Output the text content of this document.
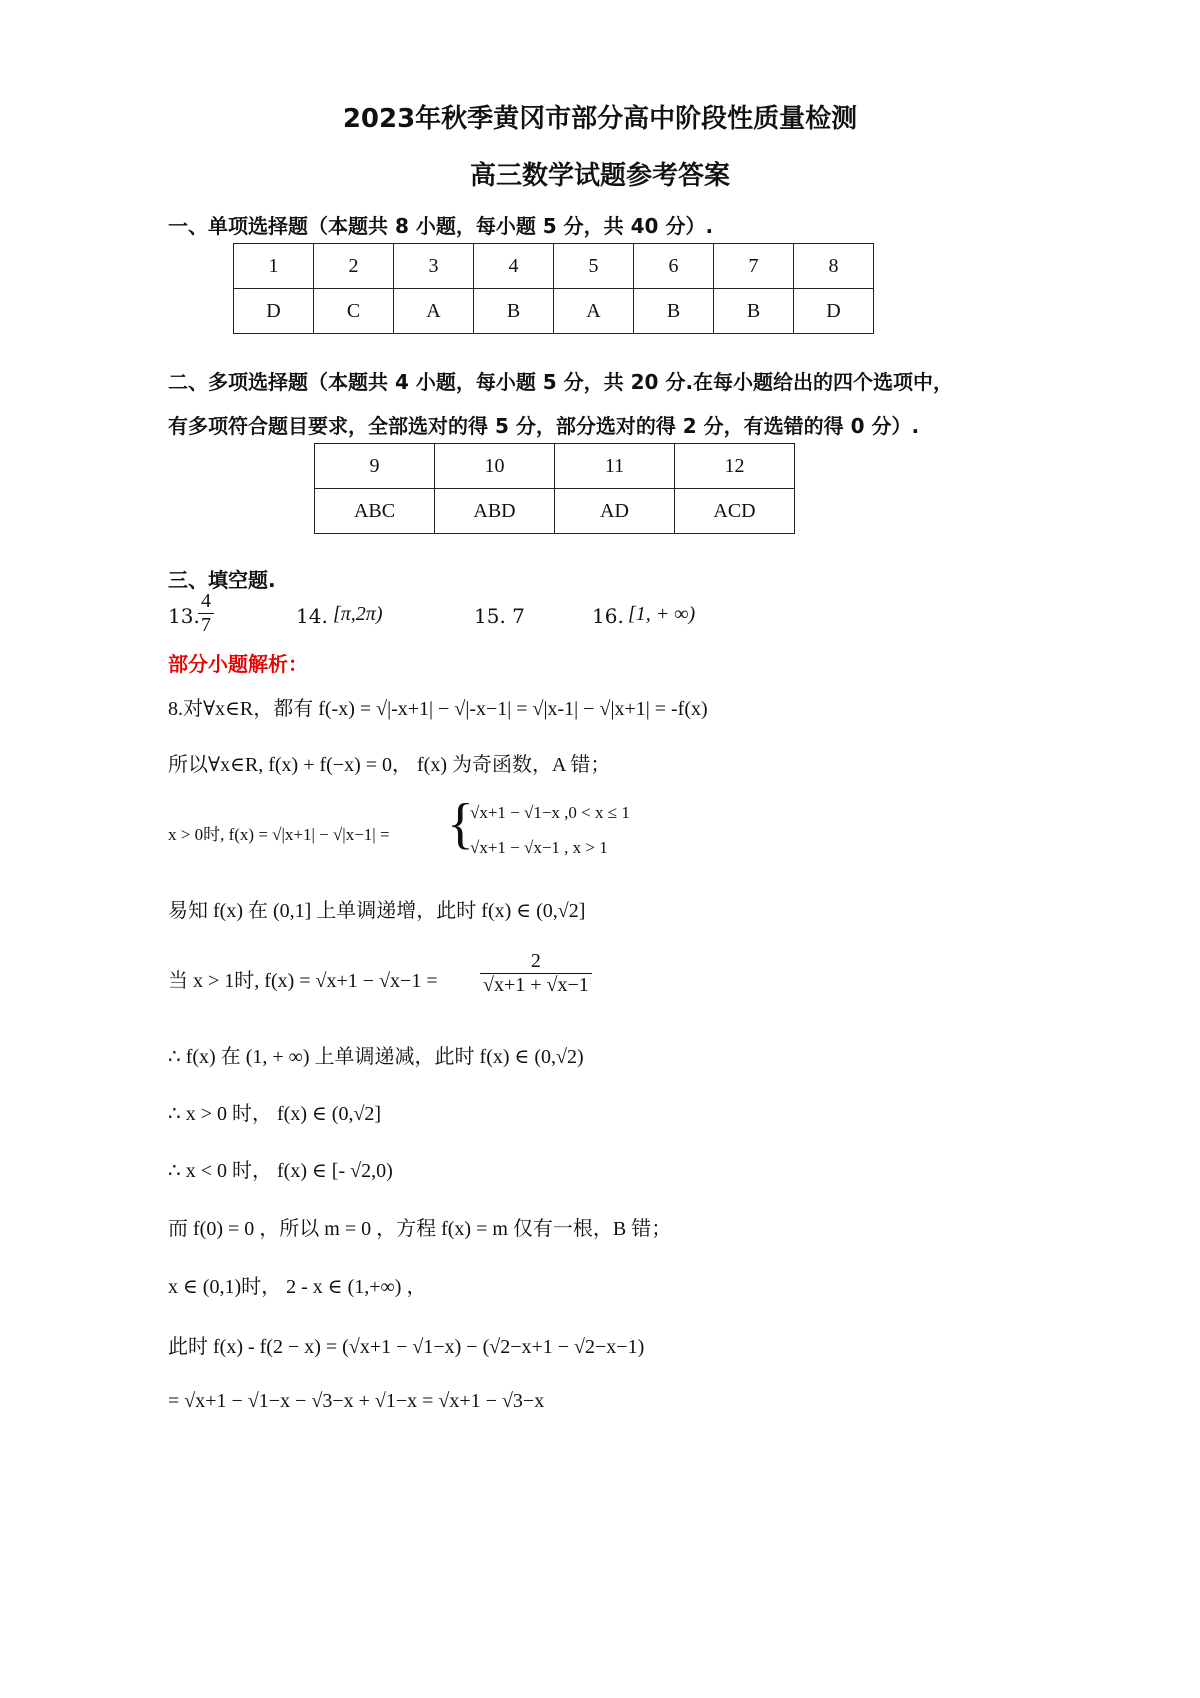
2023年秋季黄冈市部分高中阶段性质量检测
高三数学试题参考答案
一、单项选择题（本题共 8 小题，每小题 5 分，共 40 分）.
1	2	3	4	5	6	7	8
D	C	A	B	A	B	B	D
二、多项选择题（本题共 4 小题，每小题 5 分，共 20 分.在每小题给出的四个选项中，
有多项符合题目要求，全部选对的得 5 分，部分选对的得 2 分，有选错的得 0 分）.
9	10	11	12
ABC	ABD	AD	ACD
三、填空题.
13.
$\frac{4}{7}$	14. [π,2π)	15. 7	16. [1, + ∞)
部分小题解析：
8.对∀x∈R，都有 f(-x) = √|-x+1| − √|-x−1| = √|x-1| − √|x+1| = -f(x)
所以∀x∈R, f(x) + f(−x) = 0， f(x) 为奇函数，A 错；
x > 0时, f(x) = √|x+1| − √|x−1| = {
√x+1 − √1−x ,0 < x ≤ 1
√x+1 − √x−1 , x > 1
易知 f(x) 在 (0,1] 上单调递增，此时 f(x) ∈ (0,√2]
当 x > 1时, $f(x) = √x+1 - √x-1 = \frac{2}{√x+1 + √x-1}$
∴ f(x) 在 (1, + ∞) 上单调递减，此时 f(x) ∈ (0,√2)
∴ x > 0 时， f(x) ∈ (0,√2]
∴ x < 0 时， f(x) ∈ [- √2,0)
而 f(0) = 0 ，所以 m = 0 ，方程 f(x) = m 仅有一根，B 错；
x ∈ (0,1)时， 2 - x ∈ (1,+∞) ，
此时 f(x) - f(2 − x) = (√x+1 − √1−x) − (√2−x+1 − √2−x−1)
= √x+1 − √1−x − √3−x + √1−x = √x+1 − √3−x
